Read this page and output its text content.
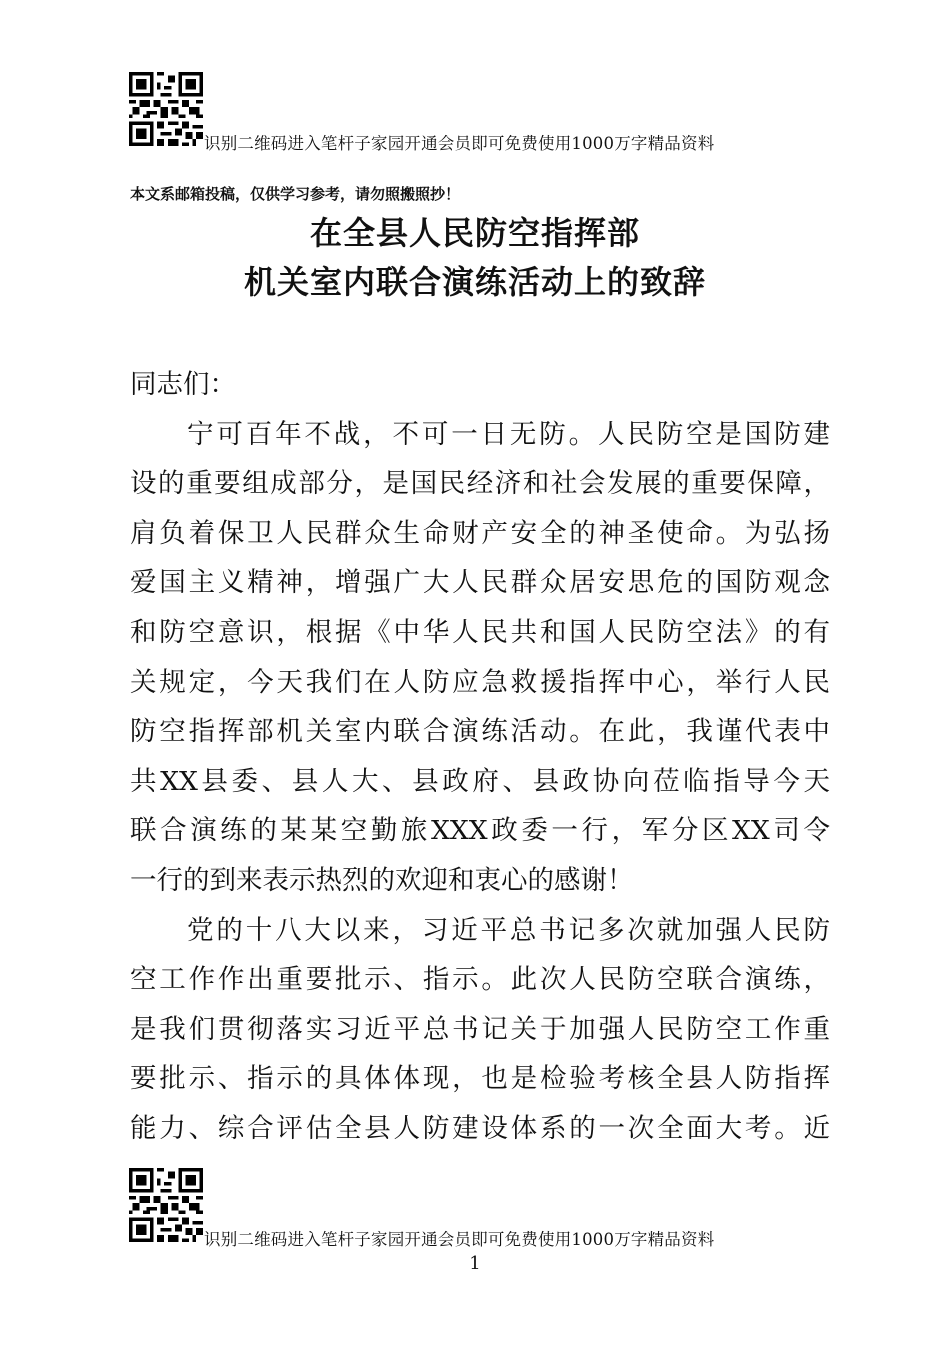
识别二维码进入笔杆子家园开通会员即可免费使用1000万字精品资料
本文系邮箱投稿，仅供学习参考，请勿照搬照抄！
在全县人民防空指挥部
机关室内联合演练活动上的致辞
同志们：
宁可百年不战，不可一日无防。人民防空是国防建
设的重要组成部分，是国民经济和社会发展的重要保障，
肩负着保卫人民群众生命财产安全的神圣使命。为弘扬
爱国主义精神，增强广大人民群众居安思危的国防观念
和防空意识，根据《中华人民共和国人民防空法》的有
关规定，今天我们在人防应急救援指挥中心，举行人民
防空指挥部机关室内联合演练活动。在此，我谨代表中
共XX县委、县人大、县政府、县政协向莅临指导今天
联合演练的某某空勤旅XXX政委一行，军分区XX司令
一行的到来表示热烈的欢迎和衷心的感谢！
党的十八大以来，习近平总书记多次就加强人民防
空工作作出重要批示、指示。此次人民防空联合演练，
是我们贯彻落实习近平总书记关于加强人民防空工作重
要批示、指示的具体体现，也是检验考核全县人防指挥
能力、综合评估全县人防建设体系的一次全面大考。近
识别二维码进入笔杆子家园开通会员即可免费使用1000万字精品资料
1
